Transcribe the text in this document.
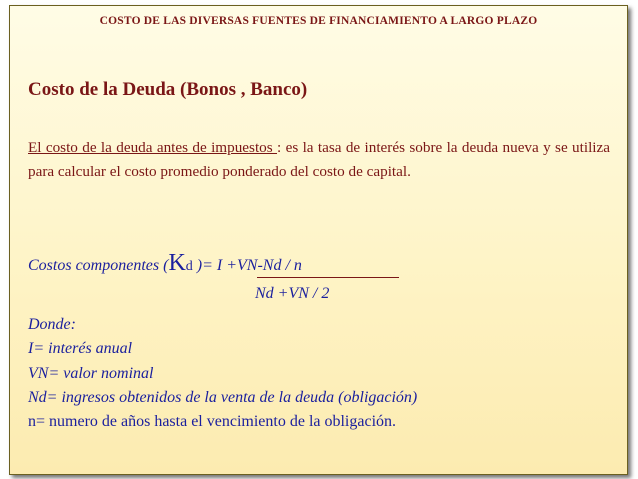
COSTO DE LAS DIVERSAS FUENTES DE FINANCIAMIENTO A LARGO PLAZO
Costo de la Deuda (Bonos , Banco)
El costo de la deuda antes de impuestos : es la tasa de interés sobre la deuda nueva y se utiliza para calcular el costo promedio ponderado del costo de capital.
Costos componentes (Kd )= I +VN-Nd / n
Nd +VN / 2
Donde:
I= interés anual
VN= valor nominal
Nd= ingresos obtenidos de la venta de la deuda (obligación)
n= numero de años hasta el vencimiento de la obligación.
